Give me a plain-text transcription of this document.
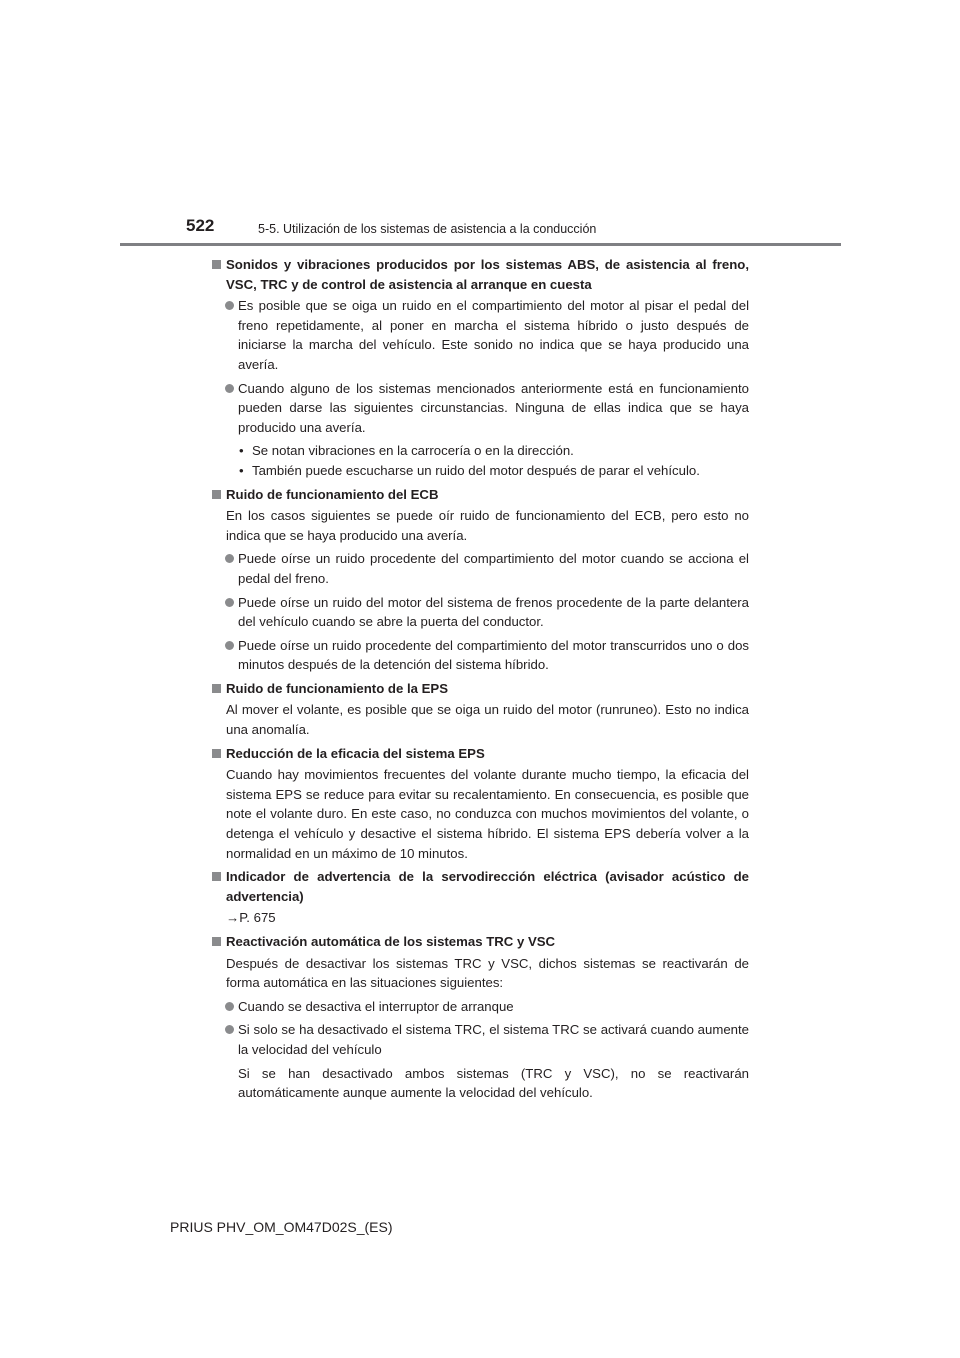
522	5-5. Utilización de los sistemas de asistencia a la conducción
Sonidos y vibraciones producidos por los sistemas ABS, de asistencia al freno, VSC, TRC y de control de asistencia al arranque en cuesta
Es posible que se oiga un ruido en el compartimiento del motor al pisar el pedal del freno repetidamente, al poner en marcha el sistema híbrido o justo después de iniciarse la marcha del vehículo. Este sonido no indica que se haya producido una avería.
Cuando alguno de los sistemas mencionados anteriormente está en funcionamiento pueden darse las siguientes circunstancias. Ninguna de ellas indica que se haya producido una avería.
• Se notan vibraciones en la carrocería o en la dirección.
• También puede escucharse un ruido del motor después de parar el vehículo.
Ruido de funcionamiento del ECB
En los casos siguientes se puede oír ruido de funcionamiento del ECB, pero esto no indica que se haya producido una avería.
Puede oírse un ruido procedente del compartimiento del motor cuando se acciona el pedal del freno.
Puede oírse un ruido del motor del sistema de frenos procedente de la parte delantera del vehículo cuando se abre la puerta del conductor.
Puede oírse un ruido procedente del compartimiento del motor transcurridos uno o dos minutos después de la detención del sistema híbrido.
Ruido de funcionamiento de la EPS
Al mover el volante, es posible que se oiga un ruido del motor (runruneo). Esto no indica una anomalía.
Reducción de la eficacia del sistema EPS
Cuando hay movimientos frecuentes del volante durante mucho tiempo, la eficacia del sistema EPS se reduce para evitar su recalentamiento. En consecuencia, es posible que note el volante duro. En este caso, no conduzca con muchos movimientos del volante, o detenga el vehículo y desactive el sistema híbrido. El sistema EPS debería volver a la normalidad en un máximo de 10 minutos.
Indicador de advertencia de la servodirección eléctrica (avisador acústico de advertencia)
→P. 675
Reactivación automática de los sistemas TRC y VSC
Después de desactivar los sistemas TRC y VSC, dichos sistemas se reactivarán de forma automática en las situaciones siguientes:
Cuando se desactiva el interruptor de arranque
Si solo se ha desactivado el sistema TRC, el sistema TRC se activará cuando aumente la velocidad del vehículo
Si se han desactivado ambos sistemas (TRC y VSC), no se reactivarán automáticamente aunque aumente la velocidad del vehículo.
PRIUS PHV_OM_OM47D02S_(ES)
